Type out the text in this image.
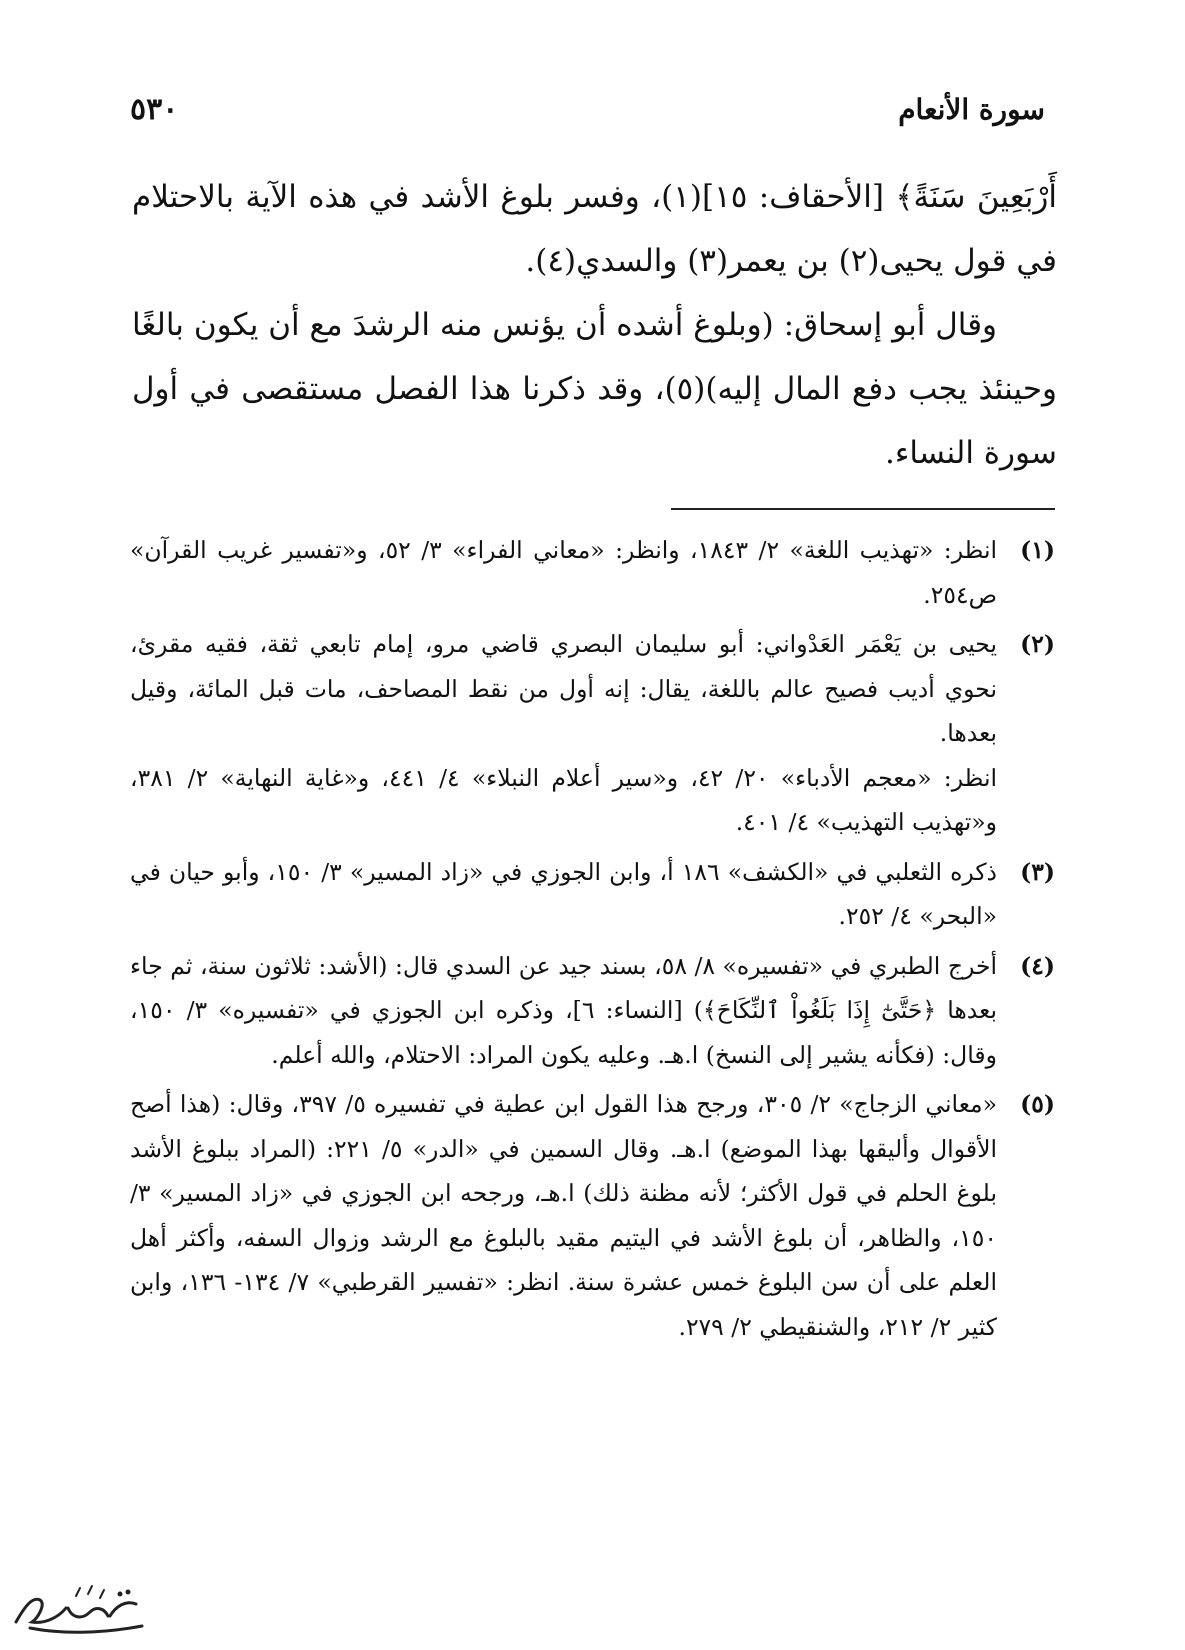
سورة الأنعام
٥٣٠

أَرْبَعِينَ سَنَةً﴾ [الأحقاف: ١٥](١)، وفسر بلوغ الأشد في هذه الآية بالاحتلام في قول يحيى(٢) بن يعمر(٣) والسدي(٤).

وقال أبو إسحاق: (وبلوغ أشده أن يؤنس منه الرشدَ مع أن يكون بالغًا وحينئذ يجب دفع المال إليه)(٥)، وقد ذكرنا هذا الفصل مستقصى في أول سورة النساء.

(١)

انظر: «تهذيب اللغة» ٢/ ١٨٤٣، وانظر: «معاني الفراء» ٣/ ٥٢، و«تفسير غريب القرآن» ص٢٥٤.

(٢)

يحيى بن يَعْمَر العَدْواني: أبو سليمان البصري قاضي مرو، إمام تابعي ثقة، فقيه مقرئ، نحوي أديب فصيح عالم باللغة، يقال: إنه أول من نقط المصاحف، مات قبل المائة، وقيل بعدها.

انظر: «معجم الأدباء» ٢٠/ ٤٢، و«سير أعلام النبلاء» ٤/ ٤٤١، و«غاية النهاية» ٢/ ٣٨١، و«تهذيب التهذيب» ٤/ ٤٠١.

(٣)

ذكره الثعلبي في «الكشف» ١٨٦ أ، وابن الجوزي في «زاد المسير» ٣/ ١٥٠، وأبو حيان في «البحر» ٤/ ٢٥٢.

(٤)

أخرج الطبري في «تفسيره» ٨/ ٥٨، بسند جيد عن السدي قال: (الأشد: ثلاثون سنة، ثم جاء بعدها ﴿حَتَّىٰٓ إِذَا بَلَغُواْ ٱلنِّكَاحَ﴾) [النساء: ٦]، وذكره ابن الجوزي في «تفسيره» ٣/ ١٥٠، وقال: (فكأنه يشير إلى النسخ) ا.هـ. وعليه يكون المراد: الاحتلام، والله أعلم.

(٥)

«معاني الزجاج» ٢/ ٣٠٥، ورجح هذا القول ابن عطية في تفسيره ٥/ ٣٩٧، وقال: (هذا أصح الأقوال وأليقها بهذا الموضع) ا.هـ. وقال السمين في «الدر» ٥/ ٢٢١: (المراد ببلوغ الأشد بلوغ الحلم في قول الأكثر؛ لأنه مظنة ذلك) ا.هـ، ورجحه ابن الجوزي في «زاد المسير» ٣/ ١٥٠، والظاهر، أن بلوغ الأشد في اليتيم مقيد بالبلوغ مع الرشد وزوال السفه، وأكثر أهل العلم على أن سن البلوغ خمس عشرة سنة. انظر: «تفسير القرطبي» ٧/ ١٣٤- ١٣٦، وابن كثير ٢/ ٢١٢، والشنقيطي ٢/ ٢٧٩.
